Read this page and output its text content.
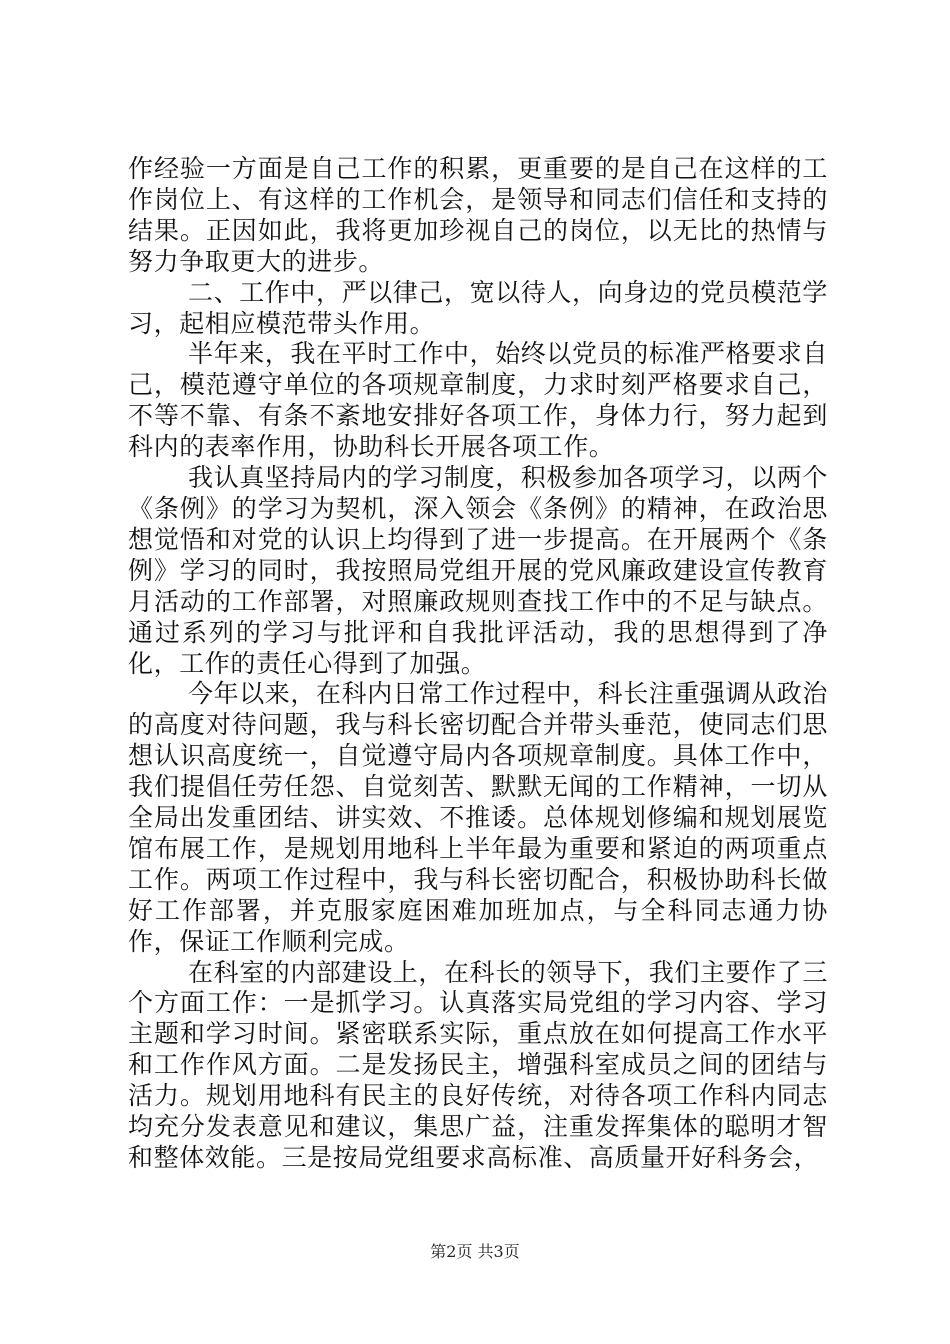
作经验一方面是自己工作的积累，更重要的是自己在这样的工作岗位上、有这样的工作机会，是领导和同志们信任和支持的结果。正因如此，我将更加珍视自己的岗位，以无比的热情与努力争取更大的进步。

二、工作中，严以律己，宽以待人，向身边的党员模范学习，起相应模范带头作用。

半年来，我在平时工作中，始终以党员的标准严格要求自己，模范遵守单位的各项规章制度，力求时刻严格要求自己，不等不靠、有条不紊地安排好各项工作，身体力行，努力起到科内的表率作用，协助科长开展各项工作。

我认真坚持局内的学习制度，积极参加各项学习，以两个《条例》的学习为契机，深入领会《条例》的精神，在政治思想觉悟和对党的认识上均得到了进一步提高。在开展两个《条例》学习的同时，我按照局党组开展的党风廉政建设宣传教育月活动的工作部署，对照廉政规则查找工作中的不足与缺点。通过系列的学习与批评和自我批评活动，我的思想得到了净化，工作的责任心得到了加强。

今年以来，在科内日常工作过程中，科长注重强调从政治的高度对待问题，我与科长密切配合并带头垂范，使同志们思想认识高度统一，自觉遵守局内各项规章制度。具体工作中，我们提倡任劳任怨、自觉刻苦、默默无闻的工作精神，一切从全局出发重团结、讲实效、不推诿。总体规划修编和规划展览馆布展工作，是规划用地科上半年最为重要和紧迫的两项重点工作。两项工作过程中，我与科长密切配合，积极协助科长做好工作部署，并克服家庭困难加班加点，与全科同志通力协作，保证工作顺利完成。

在科室的内部建设上，在科长的领导下，我们主要作了三个方面工作：一是抓学习。认真落实局党组的学习内容、学习主题和学习时间。紧密联系实际，重点放在如何提高工作水平和工作作风方面。二是发扬民主，增强科室成员之间的团结与活力。规划用地科有民主的良好传统，对待各项工作科内同志均充分发表意见和建议，集思广益，注重发挥集体的聪明才智和整体效能。三是按局党组要求高标准、高质量开好科务会，

第2页 共3页
